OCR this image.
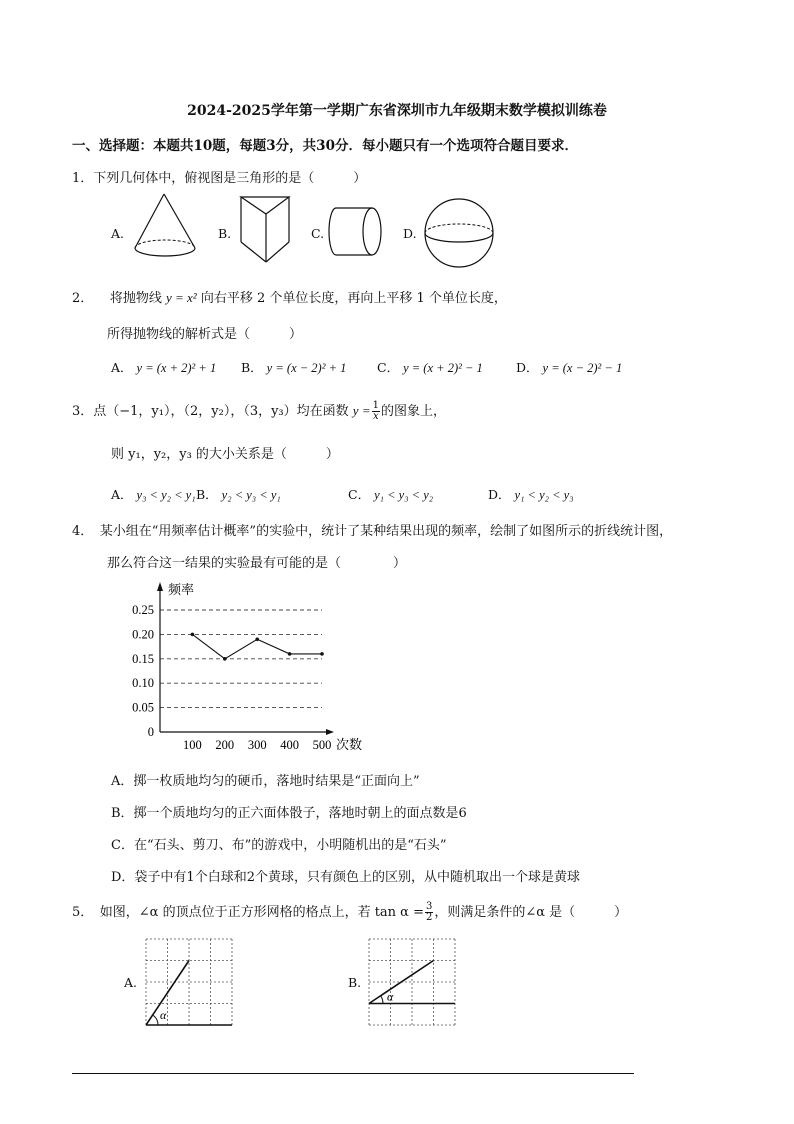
2024-2025学年第一学期广东省深圳市九年级期末数学模拟训练卷
一、选择题：本题共10题，每题3分，共30分．每小题只有一个选项符合题目要求．
1．下列几何体中，俯视图是三角形的是（　　　）
A.	B.	C.	D.
2． 将抛物线 y = x² 向右平移 2 个单位长度，再向上平移 1 个单位长度，
所得抛物线的解析式是（　　　）
A． y = (x + 2)² + 1 B． y = (x − 2)² + 1 C． y = (x + 2)² − 1	D． y = (x − 2)² − 1
3．点（−1，y₁），（2，y₂），（3，y₃）均在函数 $y = \frac{1}{x}$ 的图象上，
则 y₁，y₂，y₃ 的大小关系是（　　　）
A． y₃ < y₂ < y₁ B． y₂ < y₃ < y₁	C． y₁ < y₃ < y₂	D． y₁ < y₂ < y₃
4．　某小组在“用频率估计概率”的实验中，统计了某种结果出现的频率，绘制了如图所示的折线统计图，
那么符合这一结果的实验最有可能的是（　　　　）
0
0.05
0.10
0.15
0.20
0.25
100 200 300 400 500
频率
次数
A．掷一枚质地均匀的硬币，落地时结果是“正面向上”
B．掷一个质地均匀的正六面体骰子，落地时朝上的面点数是6
C．在“石头、剪刀、布”的游戏中，小明随机出的是“石头”
D．袋子中有1个白球和2个黄球，只有颜色上的区别，从中随机取出一个球是黄球
5．　如图，∠α 的顶点位于正方形网格的格点上，若 $\tan \alpha = \frac{3}{2}$ ，则满足条件的∠α 是（　　　）
A.	B.
α
α
